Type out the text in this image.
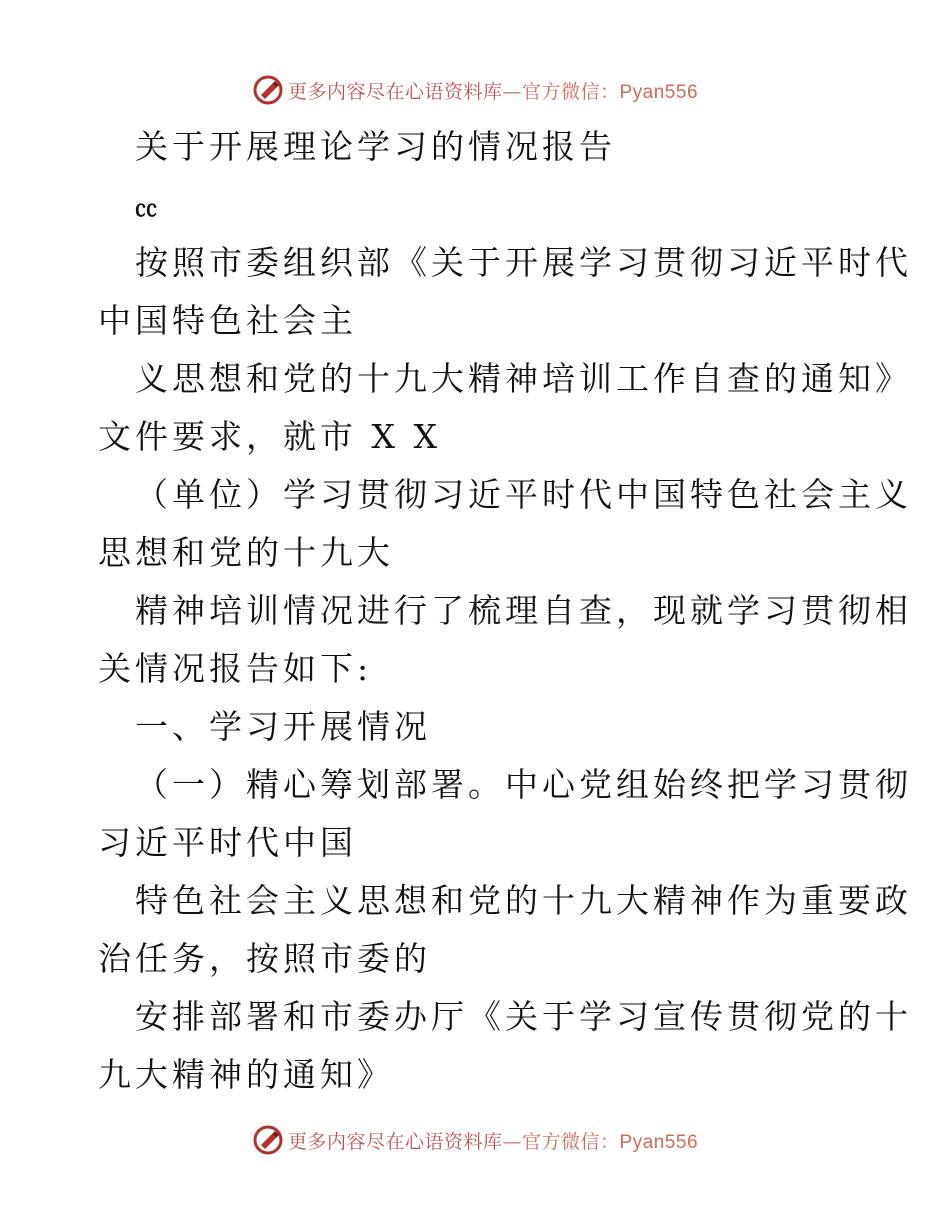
更多内容尽在心语资料库—官方微信：Pyan556
关于开展理论学习的情况报告
㏄
按照市委组织部《关于开展学习贯彻习近平时代
中国特色社会主
义思想和党的十九大精神培训工作自查的通知》
文件要求，就市 X X
（单位）学习贯彻习近平时代中国特色社会主义
思想和党的十九大
精神培训情况进行了梳理自查，现就学习贯彻相
关情况报告如下:
一、学习开展情况
（一）精心筹划部署。中心党组始终把学习贯彻
习近平时代中国
特色社会主义思想和党的十九大精神作为重要政
治任务，按照市委的
安排部署和市委办厅《关于学习宣传贯彻党的十
九大精神的通知》
更多内容尽在心语资料库—官方微信：Pyan556
